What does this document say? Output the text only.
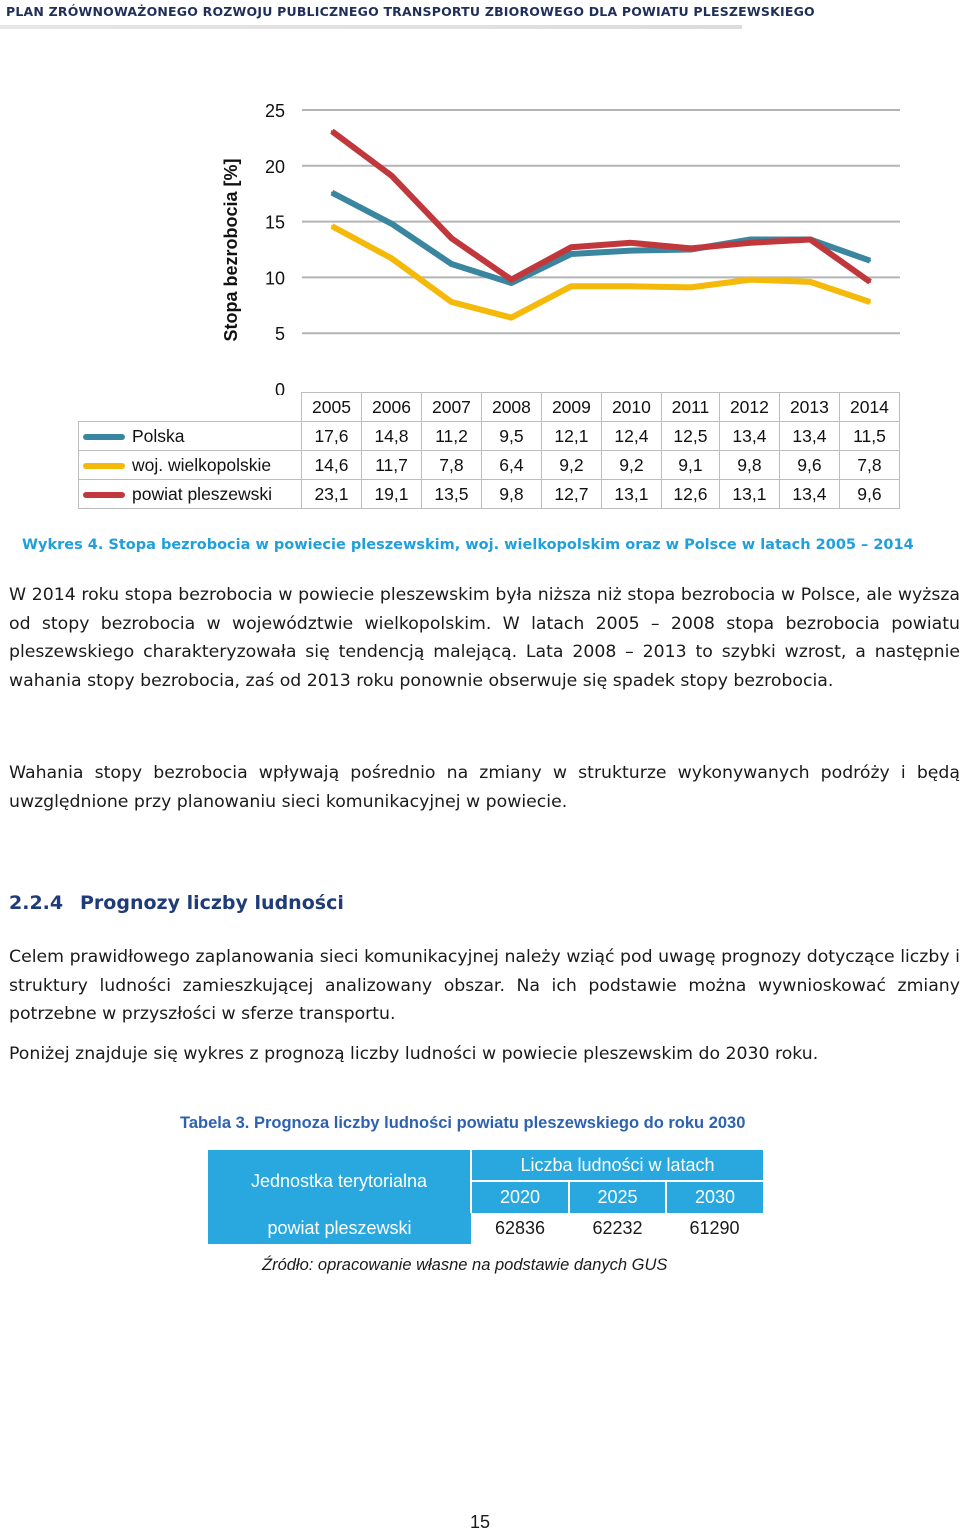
PLAN ZRÓWNOWAŻONEGO ROZWOJU PUBLICZNEGO TRANSPORTU ZBIOROWEGO DLA POWIATU PLESZEWSKIEGO
0
5
10
15
20
25
Stopa bezrobocia [%]
	2005	2006	2007	2008	2009	2010	2011	2012	2013	2014
Polska	17,6	14,8	11,2	9,5	12,1	12,4	12,5	13,4	13,4	11,5
woj. wielkopolskie	14,6	11,7	7,8	6,4	9,2	9,2	9,1	9,8	9,6	7,8
powiat pleszewski	23,1	19,1	13,5	9,8	12,7	13,1	12,6	13,1	13,4	9,6
Wykres 4. Stopa bezrobocia w powiecie pleszewskim, woj. wielkopolskim oraz w Polsce w latach 2005 – 2014

W 2014 roku stopa bezrobocia w powiecie pleszewskim była niższa niż stopa bezrobocia w Polsce, ale wyższa od stopy bezrobocia w województwie wielkopolskim. W latach 2005 – 2008 stopa bezrobocia powiatu pleszewskiego charakteryzowała się tendencją malejącą. Lata 2008 – 2013 to szybki wzrost, a następnie wahania stopy bezrobocia, zaś od 2013 roku ponownie obserwuje się spadek stopy bezrobocia.

Wahania stopy bezrobocia wpływają pośrednio na zmiany w strukturze wykonywanych podróży i będą uwzględnione przy planowaniu sieci komunikacyjnej w powiecie.

2.2.4 Prognozy liczby ludności

Celem prawidłowego zaplanowania sieci komunikacyjnej należy wziąć pod uwagę prognozy dotyczące liczby i struktury ludności zamieszkującej analizowany obszar. Na ich podstawie można wywnioskować zmiany potrzebne w przyszłości w sferze transportu.

Poniżej znajduje się wykres z prognozą liczby ludności w powiecie pleszewskim do 2030 roku.

Tabela 3. Prognoza liczby ludności powiatu pleszewskiego do roku 2030
Jednostka terytorialna	Liczba ludności w latach		
	2020	2025	2030
powiat pleszewski	62836	62232	61290
Źródło: opracowanie własne na podstawie danych GUS
15
